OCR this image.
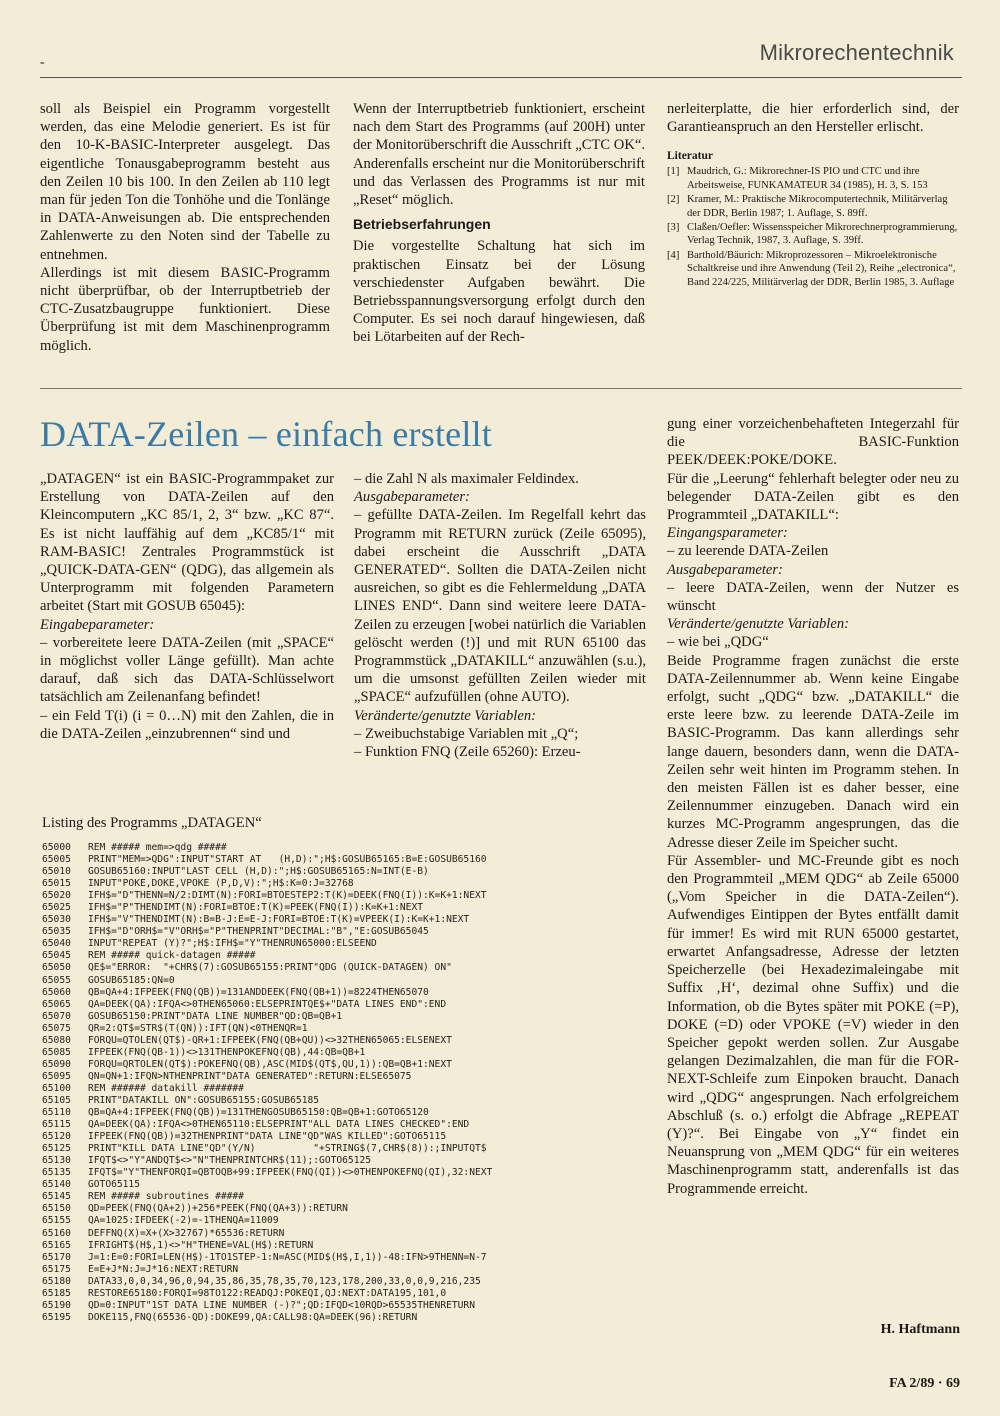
-	Mikrorechentechnik

soll als Beispiel ein Programm vorgestellt werden, das eine Melodie generiert. Es ist für den 10-K-BASIC-Interpreter ausgelegt. Das eigentliche Tonausgabeprogramm besteht aus den Zeilen 10 bis 100. In den Zeilen ab 110 legt man für jeden Ton die Tonhöhe und die Tonlänge in DATA-Anweisungen ab. Die entsprechenden Zahlenwerte zu den Noten sind der Tabelle zu entnehmen.

Allerdings ist mit diesem BASIC-Programm nicht überprüfbar, ob der Interruptbetrieb der CTC-Zusatzbaugruppe funktioniert. Diese Überprüfung ist mit dem Maschinenprogramm möglich.

Wenn der Interruptbetrieb funktioniert, erscheint nach dem Start des Programms (auf 200H) unter der Monitorüberschrift die Ausschrift „CTC OK“. Anderenfalls erscheint nur die Monitorüberschrift und das Verlassen des Programms ist nur mit „Reset“ möglich.

Betriebserfahrungen

Die vorgestellte Schaltung hat sich im praktischen Einsatz bei der Lösung verschiedenster Aufgaben bewährt. Die Betriebsspannungsversorgung erfolgt durch den Computer. Es sei noch darauf hingewiesen, daß bei Lötarbeiten auf der Rech-

nerleiterplatte, die hier erforderlich sind, der Garantieanspruch an den Hersteller erlischt.

Literatur
[1] Maudrich, G.: Mikrorechner-IS PIO und CTC und ihre Arbeitsweise, FUNKAMATEUR 34 (1985), H. 3, S. 153
[2] Kramer, M.: Praktische Mikrocomputertechnik, Militärverlag der DDR, Berlin 1987; 1. Auflage, S. 89ff.
[3] Claßen/Oefler: Wissensspeicher Mikrorechnerprogrammierung, Verlag Technik, 1987, 3. Auflage, S. 39ff.
[4] Barthold/Bäurich: Mikroprozessoren – Mikroelektronische Schaltkreise und ihre Anwendung (Teil 2), Reihe „electronica“, Band 224/225, Militärverlag der DDR, Berlin 1985, 3. Auflage
DATA-Zeilen – einfach erstellt

„DATAGEN“ ist ein BASIC-Programmpaket zur Erstellung von DATA-Zeilen auf den Kleincomputern „KC 85/1, 2, 3“ bzw. „KC 87“. Es ist nicht lauffähig auf dem „KC85/1“ mit RAM-BASIC! Zentrales Programmstück ist „QUICK-DATA-GEN“ (QDG), das allgemein als Unterprogramm mit folgenden Parametern arbeitet (Start mit GOSUB 65045):

Eingabeparameter:

– vorbereitete leere DATA-Zeilen (mit „SPACE“ in möglichst voller Länge gefüllt). Man achte darauf, daß sich das DATA-Schlüsselwort tatsächlich am Zeilenanfang befindet!

– ein Feld T(i) (i = 0…N) mit den Zahlen, die in die DATA-Zeilen „einzubrennen“ sind und

– die Zahl N als maximaler Feldindex.

Ausgabeparameter:

– gefüllte DATA-Zeilen. Im Regelfall kehrt das Programm mit RETURN zurück (Zeile 65095), dabei erscheint die Ausschrift „DATA GENERATED“. Sollten die DATA-Zeilen nicht ausreichen, so gibt es die Fehlermeldung „DATA LINES END“. Dann sind weitere leere DATA-Zeilen zu erzeugen [wobei natürlich die Variablen gelöscht werden (!)] und mit RUN 65100 das Programmstück „DATAKILL“ anzuwählen (s.u.), um die umsonst gefüllten Zeilen wieder mit „SPACE“ aufzufüllen (ohne AUTO).

Veränderte/genutzte Variablen:

– Zweibuchstabige Variablen mit „Q“;

– Funktion FNQ (Zeile 65260): Erzeu-

Listing des Programms „DATAGEN“
65000 REM ##### mem=>qdg #####
65005 PRINT"MEM=>QDG":INPUT"START AT   (H,D):";H$:GOSUB65165:B=E:GOSUB65160
65010 GOSUB65160:INPUT"LAST CELL (H,D):";H$:GOSUB65165:N=INT(E-B)
65015 INPUT"POKE,DOKE,VPOKE (P,D,V):";H$:K=0:J=32768
65020 IFH$="D"THENN=N/2:DIMT(N):FORI=BTOESTEP2:T(K)=DEEK(FNQ(I)):K=K+1:NEXT
65025 IFH$="P"THENDIMT(N):FORI=BTOE:T(K)=PEEK(FNQ(I)):K=K+1:NEXT
65030 IFH$="V"THENDIMT(N):B=B-J:E=E-J:FORI=BTOE:T(K)=VPEEK(I):K=K+1:NEXT
65035 IFH$="D"ORH$="V"ORH$="P"THENPRINT"DECIMAL:"B","E:GOSUB65045
65040 INPUT"REPEAT (Y)?";H$:IFH$="Y"THENRUN65000:ELSEEND
65045 REM ##### quick-datagen #####
65050 QE$="ERROR:  "+CHR$(7):GOSUB65155:PRINT"QDG (QUICK-DATAGEN) ON"
65055 GOSUB65185:QN=0
65060 QB=QA+4:IFPEEK(FNQ(QB))=131ANDDEEK(FNQ(QB+1))=8224THEN65070
65065 QA=DEEK(QA):IFQA<>0THEN65060:ELSEPRINTQE$+"DATA LINES END":END
65070 GOSUB65150:PRINT"DATA LINE NUMBER"QD:QB=QB+1
65075 QR=2:QT$=STR$(T(QN)):IFT(QN)<0THENQR=1
65080 FORQU=QTOLEN(QT$)-QR+1:IFPEEK(FNQ(QB+QU))<>32THEN65065:ELSENEXT
65085 IFPEEK(FNQ(QB-1))<>131THENPOKEFNQ(QB),44:QB=QB+1
65090 FORQU=QRTOLEN(QT$):POKEFNQ(QB),ASC(MID$(QT$,QU,1)):QB=QB+1:NEXT
65095 QN=QN+1:IFQN>NTHENPRINT"DATA GENERATED":RETURN:ELSE65075
65100 REM ###### datakill #######
65105 PRINT"DATAKILL ON":GOSUB65155:GOSUB65185
65110 QB=QA+4:IFPEEK(FNQ(QB))=131THENGOSUB65150:QB=QB+1:GOTO65120
65115 QA=DEEK(QA):IFQA<>0THEN65110:ELSEPRINT"ALL DATA LINES CHECKED":END
65120 IFPEEK(FNQ(QB))=32THENPRINT"DATA LINE"QD"WAS KILLED":GOTO65115
65125 PRINT"KILL DATA LINE"QD"(Y/N)          "+STRING$(7,CHR$(8)):;INPUTQT$
65130 IFQT$<>"Y"ANDQT$<>"N"THENPRINTCHR$(11);:GOTO65125
65135 IFQT$="Y"THENFORQI=QBTOQB+99:IFPEEK(FNQ(QI))<>0THENPOKEFNQ(QI),32:NEXT
65140 GOTO65115
65145 REM ##### subroutines #####
65150 QD=PEEK(FNQ(QA+2))+256*PEEK(FNQ(QA+3)):RETURN
65155 QA=1025:IFDEEK(-2)=-1THENQA=11009
65160 DEFFNQ(X)=X+(X>32767)*65536:RETURN
65165 IFRIGHT$(H$,1)<>"H"THENE=VAL(H$):RETURN
65170 J=1:E=0:FORI=LEN(H$)-1TO1STEP-1:N=ASC(MID$(H$,I,1))-48:IFN>9THENN=N-7
65175 E=E+J*N:J=J*16:NEXT:RETURN
65180 DATA33,0,0,34,96,0,94,35,86,35,78,35,70,123,178,200,33,0,0,9,216,235
65185 RESTORE65180:FORQI=98TO122:READQJ:POKEQI,QJ:NEXT:DATA195,101,0
65190 QD=0:INPUT"1ST DATA LINE NUMBER (-)?";QD:IFQD<10RQD>65535THENRETURN
65195 DOKE115,FNQ(65536-QD):DOKE99,QA:CALL98:QA=DEEK(96):RETURN

gung einer vorzeichenbehafteten Integerzahl für die BASIC-Funktion PEEK/DEEK:POKE/DOKE.

Für die „Leerung“ fehlerhaft belegter oder neu zu belegender DATA-Zeilen gibt es den Programmteil „DATAKILL“:

Eingangsparameter:

– zu leerende DATA-Zeilen

Ausgabeparameter:

– leere DATA-Zeilen, wenn der Nutzer es wünscht

Veränderte/genutzte Variablen:

– wie bei „QDG“

Beide Programme fragen zunächst die erste DATA-Zeilennummer ab. Wenn keine Eingabe erfolgt, sucht „QDG“ bzw. „DATAKILL“ die erste leere bzw. zu leerende DATA-Zeile im BASIC-Programm. Das kann allerdings sehr lange dauern, besonders dann, wenn die DATA-Zeilen sehr weit hinten im Programm stehen. In den meisten Fällen ist es daher besser, eine Zeilennummer einzugeben. Danach wird ein kurzes MC-Programm angesprungen, das die Adresse dieser Zeile im Speicher sucht.

Für Assembler- und MC-Freunde gibt es noch den Programmteil „MEM QDG“ ab Zeile 65000 („Vom Speicher in die DATA-Zeilen“). Aufwendiges Eintippen der Bytes entfällt damit für immer! Es wird mit RUN 65000 gestartet, erwartet Anfangsadresse, Adresse der letzten Speicherzelle (bei Hexadezimaleingabe mit Suffix ‚H‘, dezimal ohne Suffix) und die Information, ob die Bytes später mit POKE (=P), DOKE (=D) oder VPOKE (=V) wieder in den Speicher gepokt werden sollen. Zur Ausgabe gelangen Dezimalzahlen, die man für die FOR-NEXT-Schleife zum Einpoken braucht. Danach wird „QDG“ angesprungen. Nach erfolgreichem Abschluß (s. o.) erfolgt die Abfrage „REPEAT (Y)?“. Bei Eingabe von „Y“ findet ein Neuansprung von „MEM QDG“ für ein weiteres Maschinenprogramm statt, anderenfalls ist das Programmende erreicht.

H. Haftmann
FA 2/89 · 69
